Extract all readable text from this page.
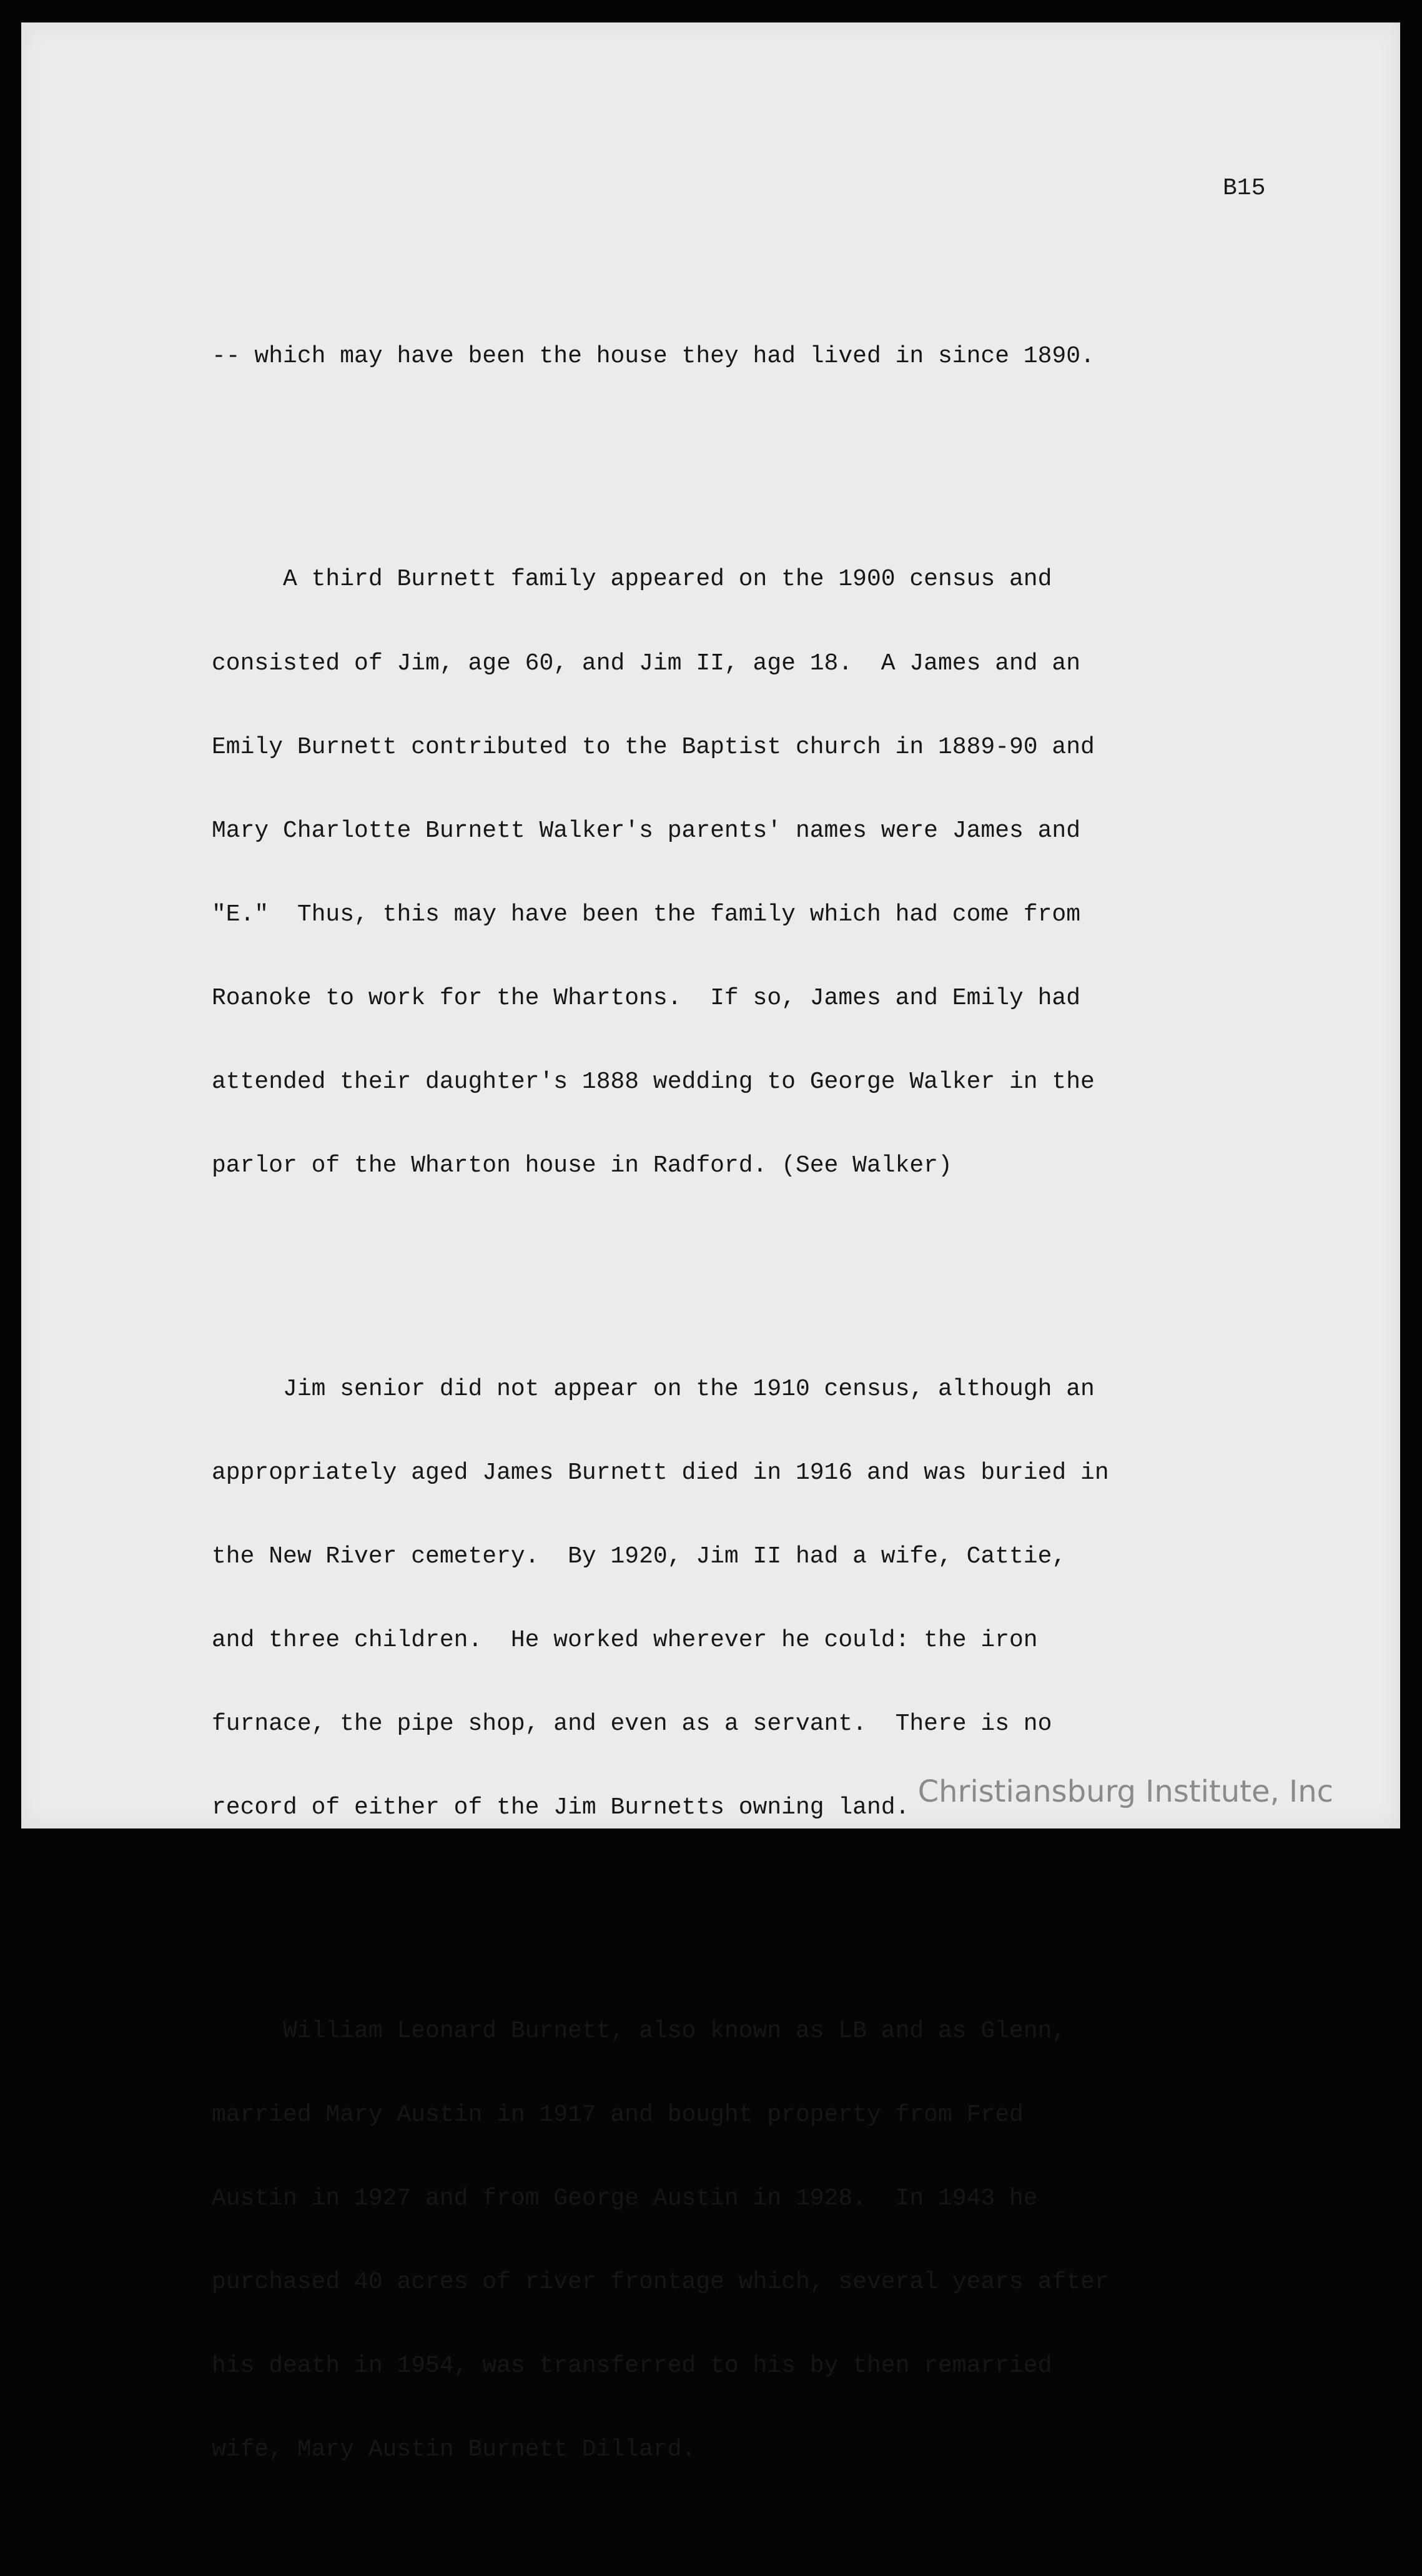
B15

-- which may have been the house they had lived in since 1890.

A third Burnett family appeared on the 1900 census and

consisted of Jim, age 60, and Jim II, age 18.  A James and an

Emily Burnett contributed to the Baptist church in 1889-90 and

Mary Charlotte Burnett Walker's parents' names were James and

"E."  Thus, this may have been the family which had come from

Roanoke to work for the Whartons.  If so, James and Emily had

attended their daughter's 1888 wedding to George Walker in the

parlor of the Wharton house in Radford. (See Walker)

Jim senior did not appear on the 1910 census, although an

appropriately aged James Burnett died in 1916 and was buried in

the New River cemetery.  By 1920, Jim II had a wife, Cattie,

and three children.  He worked wherever he could: the iron

furnace, the pipe shop, and even as a servant.  There is no

record of either of the Jim Burnetts owning land.

William Leonard Burnett, also known as LB and as Glenn,

married Mary Austin in 1917 and bought property from Fred

Austin in 1927 and from George Austin in 1928.  In 1943 he

purchased 40 acres of river frontage which, several years after

his death in 1954, was transferred to his by then remarried

wife, Mary Austin Burnett Dillard.

Christiansburg Institute, Inc
